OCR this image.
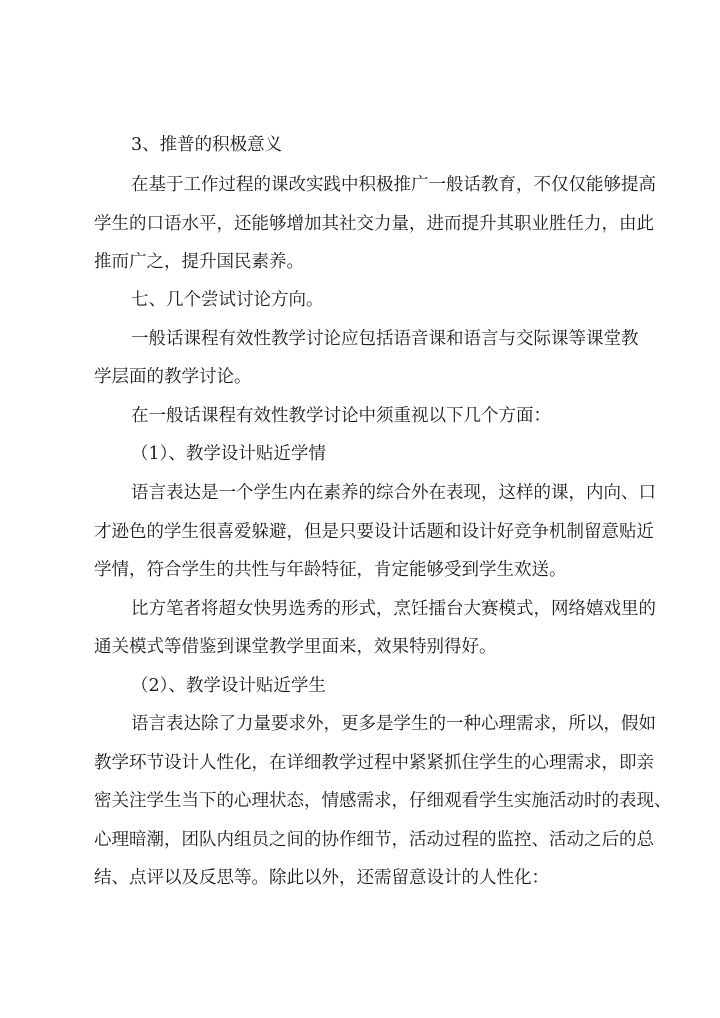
3、推普的积极意义

在基于工作过程的课改实践中积极推广一般话教育，不仅仅能够提高

学生的口语水平，还能够增加其社交力量，进而提升其职业胜任力，由此

推而广之，提升国民素养。

七、几个尝试讨论方向。

一般话课程有效性教学讨论应包括语音课和语言与交际课等课堂教

学层面的教学讨论。

在一般话课程有效性教学讨论中须重视以下几个方面：

（1）、教学设计贴近学情

语言表达是一个学生内在素养的综合外在表现，这样的课，内向、口

才逊色的学生很喜爱躲避，但是只要设计话题和设计好竞争机制留意贴近

学情，符合学生的共性与年龄特征，肯定能够受到学生欢送。

比方笔者将超女快男选秀的形式，烹饪擂台大赛模式，网络嬉戏里的

通关模式等借鉴到课堂教学里面来，效果特别得好。

（2）、教学设计贴近学生

语言表达除了力量要求外，更多是学生的一种心理需求，所以，假如

教学环节设计人性化，在详细教学过程中紧紧抓住学生的心理需求，即亲

密关注学生当下的心理状态，情感需求，仔细观看学生实施活动时的表现、

心理暗潮，团队内组员之间的协作细节，活动过程的监控、活动之后的总

结、点评以及反思等。除此以外，还需留意设计的人性化：
